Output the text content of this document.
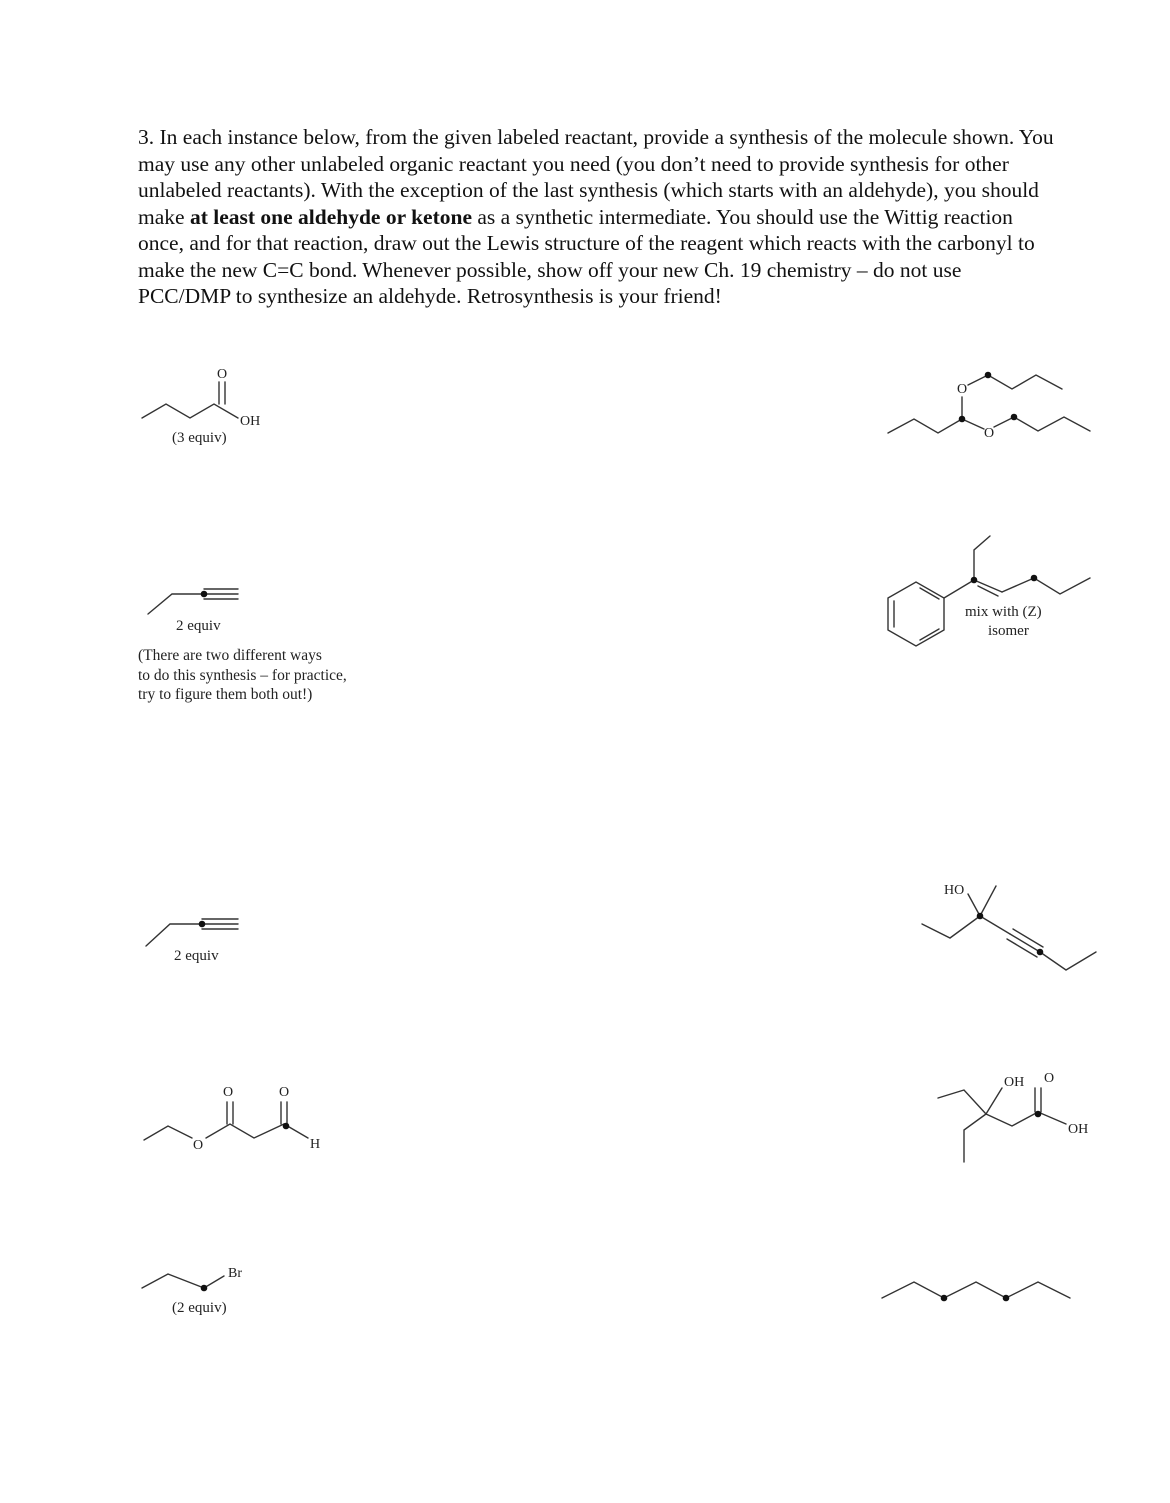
3. In each instance below, from the given labeled reactant, provide a synthesis of the molecule shown. You may use any other unlabeled organic reactant you need (you don’t need to provide synthesis for other unlabeled reactants). With the exception of the last synthesis (which starts with an aldehyde), you should make at least one aldehyde or ketone as a synthetic intermediate. You should use the Wittig reaction once, and for that reaction, draw out the Lewis structure of the reagent which reacts with the carbonyl to make the new C=C bond. Whenever possible, show off your new Ch. 19 chemistry – do not use PCC/DMP to synthesize an aldehyde. Retrosynthesis is your friend!
O
OH
(3 equiv)
O
O
2 equiv
(There are two different ways
to do this synthesis – for practice,
try to figure them both out!)
mix with (Z)
isomer
2 equiv
HO
O
O	O
H
OH O
OH
Br
(2 equiv)
